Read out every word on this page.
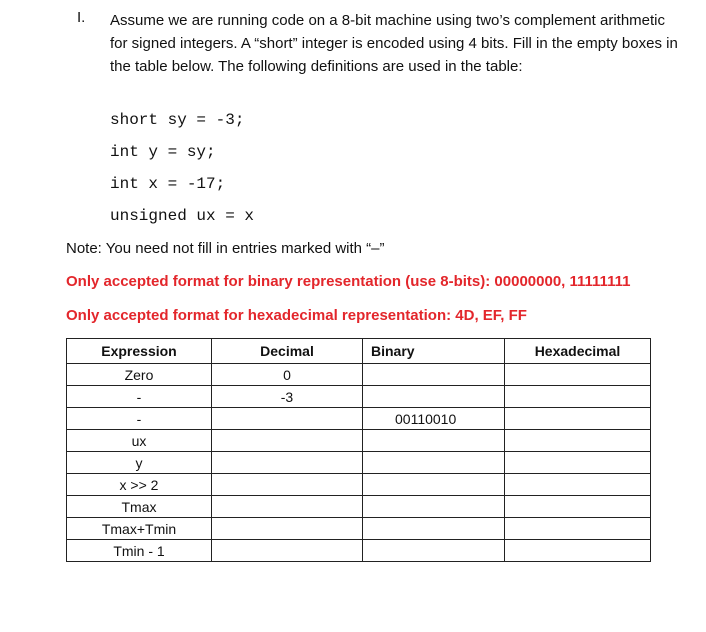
I. Assume we are running code on a 8-bit machine using two’s complement arithmetic for signed integers. A “short” integer is encoded using 4 bits. Fill in the empty boxes in the table below. The following definitions are used in the table:
short sy = -3;
int y = sy;
int x = -17;
unsigned ux = x
Note: You need not fill in entries marked with “–”
Only accepted format for binary representation (use 8-bits): 00000000, 11111111
Only accepted format for hexadecimal representation: 4D, EF, FF
Expression	Decimal	Binary	Hexadecimal
Zero	0		
-	-3		
-		00110010	
ux			
y			
x >> 2			
Tmax			
Tmax+Tmin			
Tmin - 1			
